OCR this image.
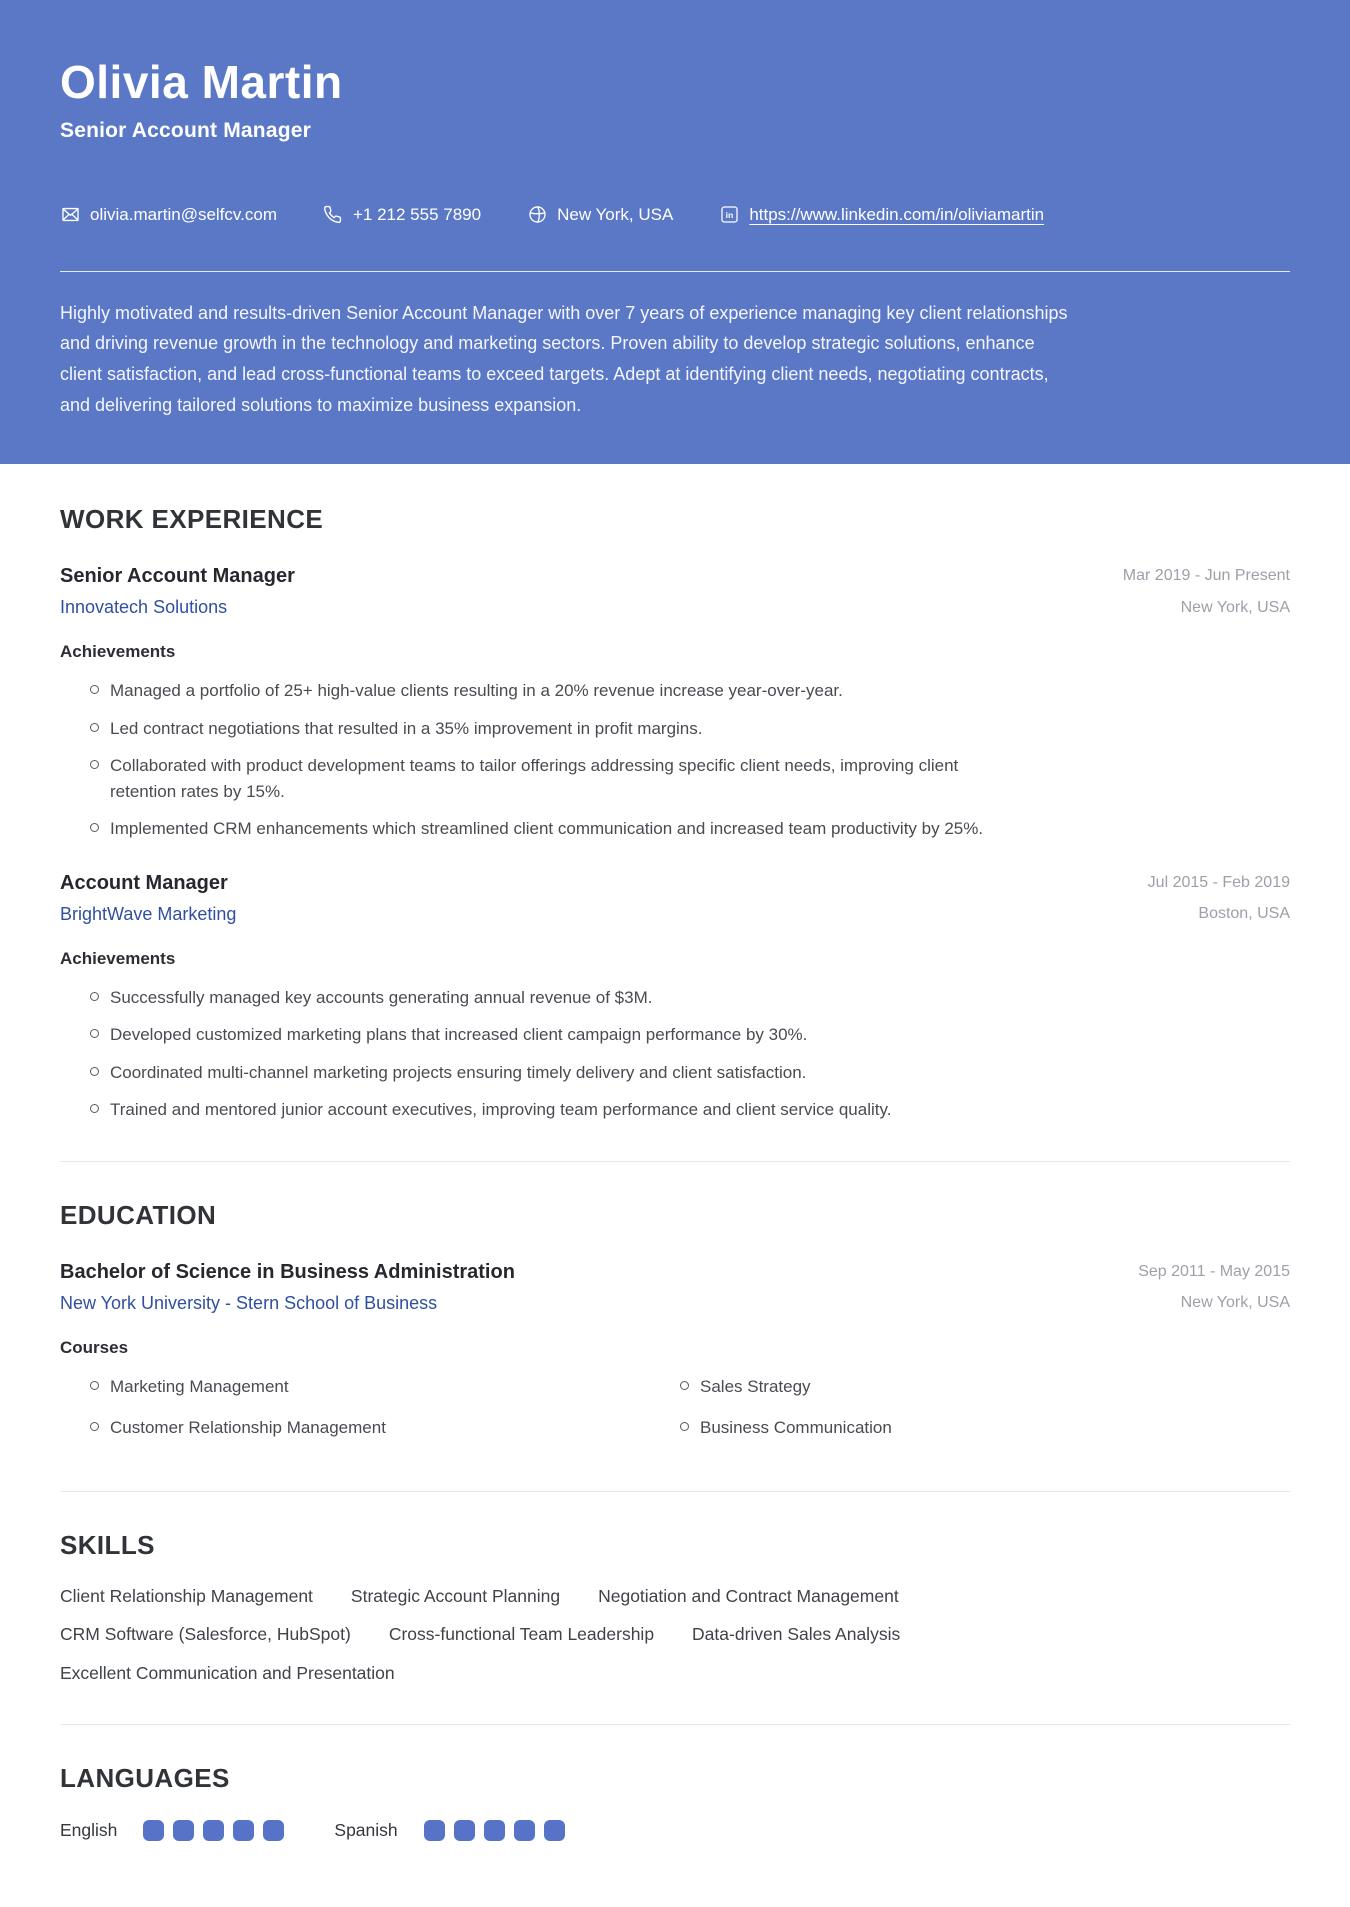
Olivia Martin
Senior Account Manager
olivia.martin@selfcv.com	+1 212 555 7890	New York, USA	in https://www.linkedin.com/in/oliviamartin

Highly motivated and results-driven Senior Account Manager with over 7 years of experience managing key client relationships and driving revenue growth in the technology and marketing sectors. Proven ability to develop strategic solutions, enhance client satisfaction, and lead cross-functional teams to exceed targets. Adept at identifying client needs, negotiating contracts, and delivering tailored solutions to maximize business expansion.

WORK EXPERIENCE
Senior Account Manager
Innovatech Solutions
Mar 2019 - Jun Present
New York, USA
Achievements
Managed a portfolio of 25+ high-value clients resulting in a 20% revenue increase year-over-year.
Led contract negotiations that resulted in a 35% improvement in profit margins.
Collaborated with product development teams to tailor offerings addressing specific client needs, improving client retention rates by 15%.
Implemented CRM enhancements which streamlined client communication and increased team productivity by 25%.
Account Manager
BrightWave Marketing
Jul 2015 - Feb 2019
Boston, USA
Achievements
Successfully managed key accounts generating annual revenue of $3M.
Developed customized marketing plans that increased client campaign performance by 30%.
Coordinated multi-channel marketing projects ensuring timely delivery and client satisfaction.
Trained and mentored junior account executives, improving team performance and client service quality.
EDUCATION
Bachelor of Science in Business Administration
New York University - Stern School of Business
Sep 2011 - May 2015
New York, USA
Courses
Marketing Management	Sales Strategy
Customer Relationship Management	Business Communication
SKILLS
Client Relationship Management Strategic Account Planning Negotiation and Contract Management
CRM Software (Salesforce, HubSpot) Cross-functional Team Leadership Data-driven Sales Analysis
Excellent Communication and Presentation
LANGUAGES
English	Spanish
